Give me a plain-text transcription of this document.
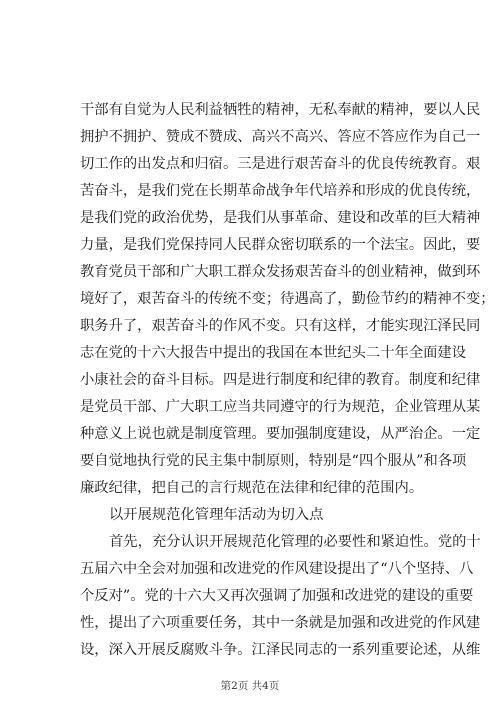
干部有自觉为人民利益牺牲的精神，无私奉献的精神，要以人民
拥护不拥护、赞成不赞成、高兴不高兴、答应不答应作为自己一
切工作的出发点和归宿。三是进行艰苦奋斗的优良传统教育。艰
苦奋斗，是我们党在长期革命战争年代培养和形成的优良传统，
是我们党的政治优势，是我们从事革命、建设和改革的巨大精神
力量，是我们党保持同人民群众密切联系的一个法宝。因此，要
教育党员干部和广大职工群众发扬艰苦奋斗的创业精神，做到环
境好了，艰苦奋斗的传统不变；待遇高了，勤俭节约的精神不变；
职务升了，艰苦奋斗的作风不变。只有这样，才能实现江泽民同
志在党的十六大报告中提出的我国在本世纪头二十年全面建设
小康社会的奋斗目标。四是进行制度和纪律的教育。制度和纪律
是党员干部、广大职工应当共同遵守的行为规范，企业管理从某
种意义上说也就是制度管理。要加强制度建设，从严治企。一定
要自觉地执行党的民主集中制原则，特别是“四个服从”和各项
廉政纪律，把自己的言行规范在法律和纪律的范围内。
以开展规范化管理年活动为切入点
首先，充分认识开展规范化管理的必要性和紧迫性。党的十
五届六中全会对加强和改进党的作风建设提出了“八个坚持、八
个反对”。党的十六大又再次强调了加强和改进党的建设的重要
性，提出了六项重要任务，其中一条就是加强和改进党的作风建
设，深入开展反腐败斗争。江泽民同志的一系列重要论述，从维
第2页 共4页
